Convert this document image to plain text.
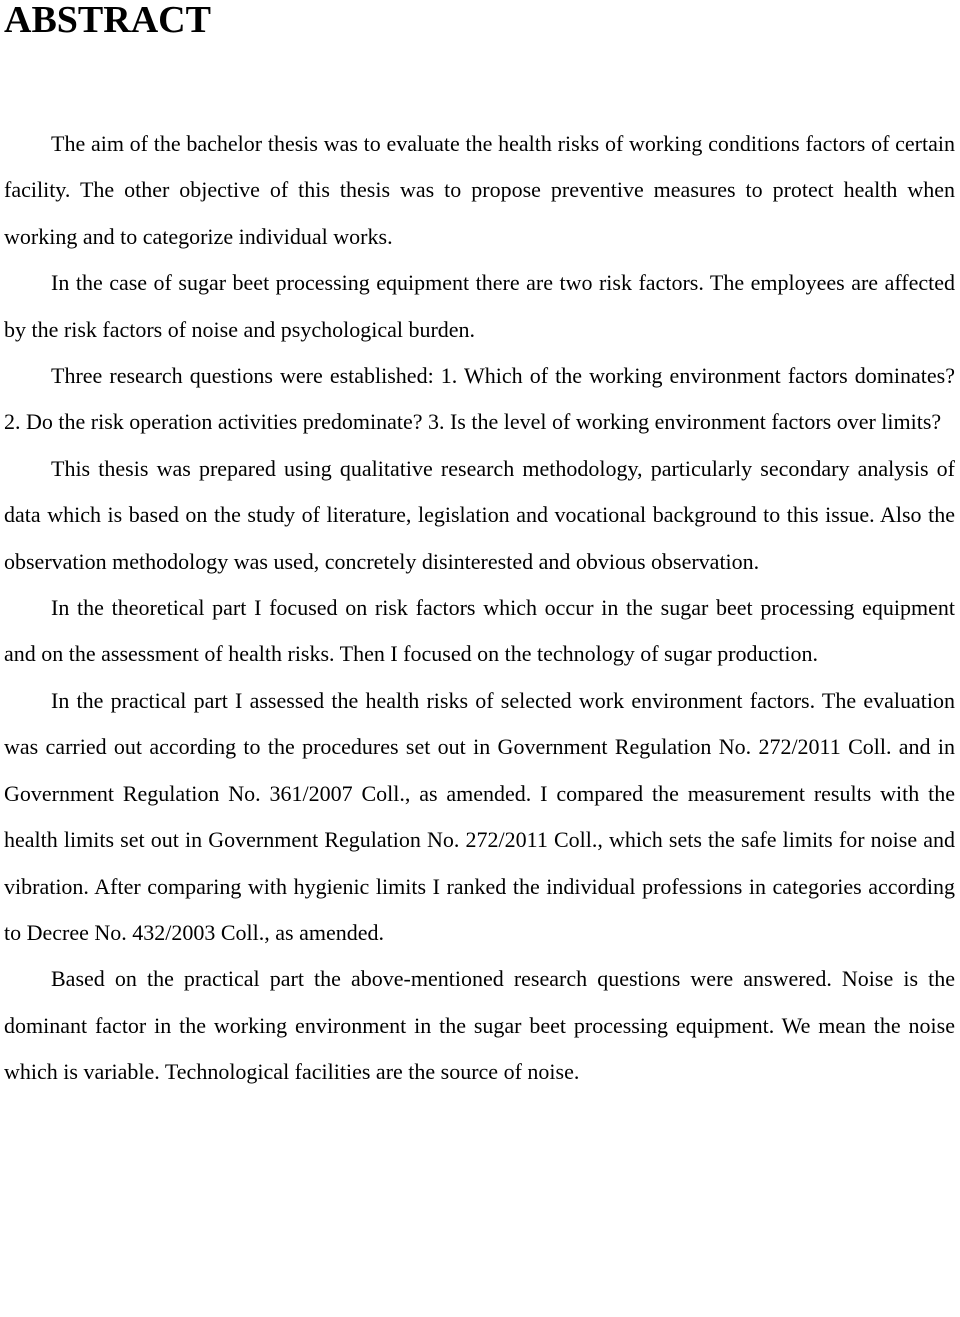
ABSTRACT

The aim of the bachelor thesis was to evaluate the health risks of working conditions factors of certain facility. The other objective of this thesis was to propose preventive measures to protect health when working and to categorize individual works.

In the case of sugar beet processing equipment there are two risk factors. The employees are affected by the risk factors of noise and psychological burden.

Three research questions were established: 1. Which of the working environment factors dominates? 2. Do the risk operation activities predominate? 3. Is the level of working environment factors over limits?

This thesis was prepared using qualitative research methodology, particularly secondary analysis of data which is based on the study of literature, legislation and vocational background to this issue. Also the observation methodology was used, concretely disinterested and obvious observation.

In the theoretical part I focused on risk factors which occur in the sugar beet processing equipment and on the assessment of health risks. Then I focused on the technology of sugar production.

In the practical part I assessed the health risks of selected work environment factors. The evaluation was carried out according to the procedures set out in Government Regulation No. 272/2011 Coll. and in Government Regulation No. 361/2007 Coll., as amended. I compared the measurement results with the health limits set out in Government Regulation No. 272/2011 Coll., which sets the safe limits for noise and vibration. After comparing with hygienic limits I ranked the individual professions in categories according to Decree No. 432/2003 Coll., as amended.

Based on the practical part the above-mentioned research questions were answered. Noise is the dominant factor in the working environment in the sugar beet processing equipment. We mean the noise which is variable. Technological facilities are the source of noise.
